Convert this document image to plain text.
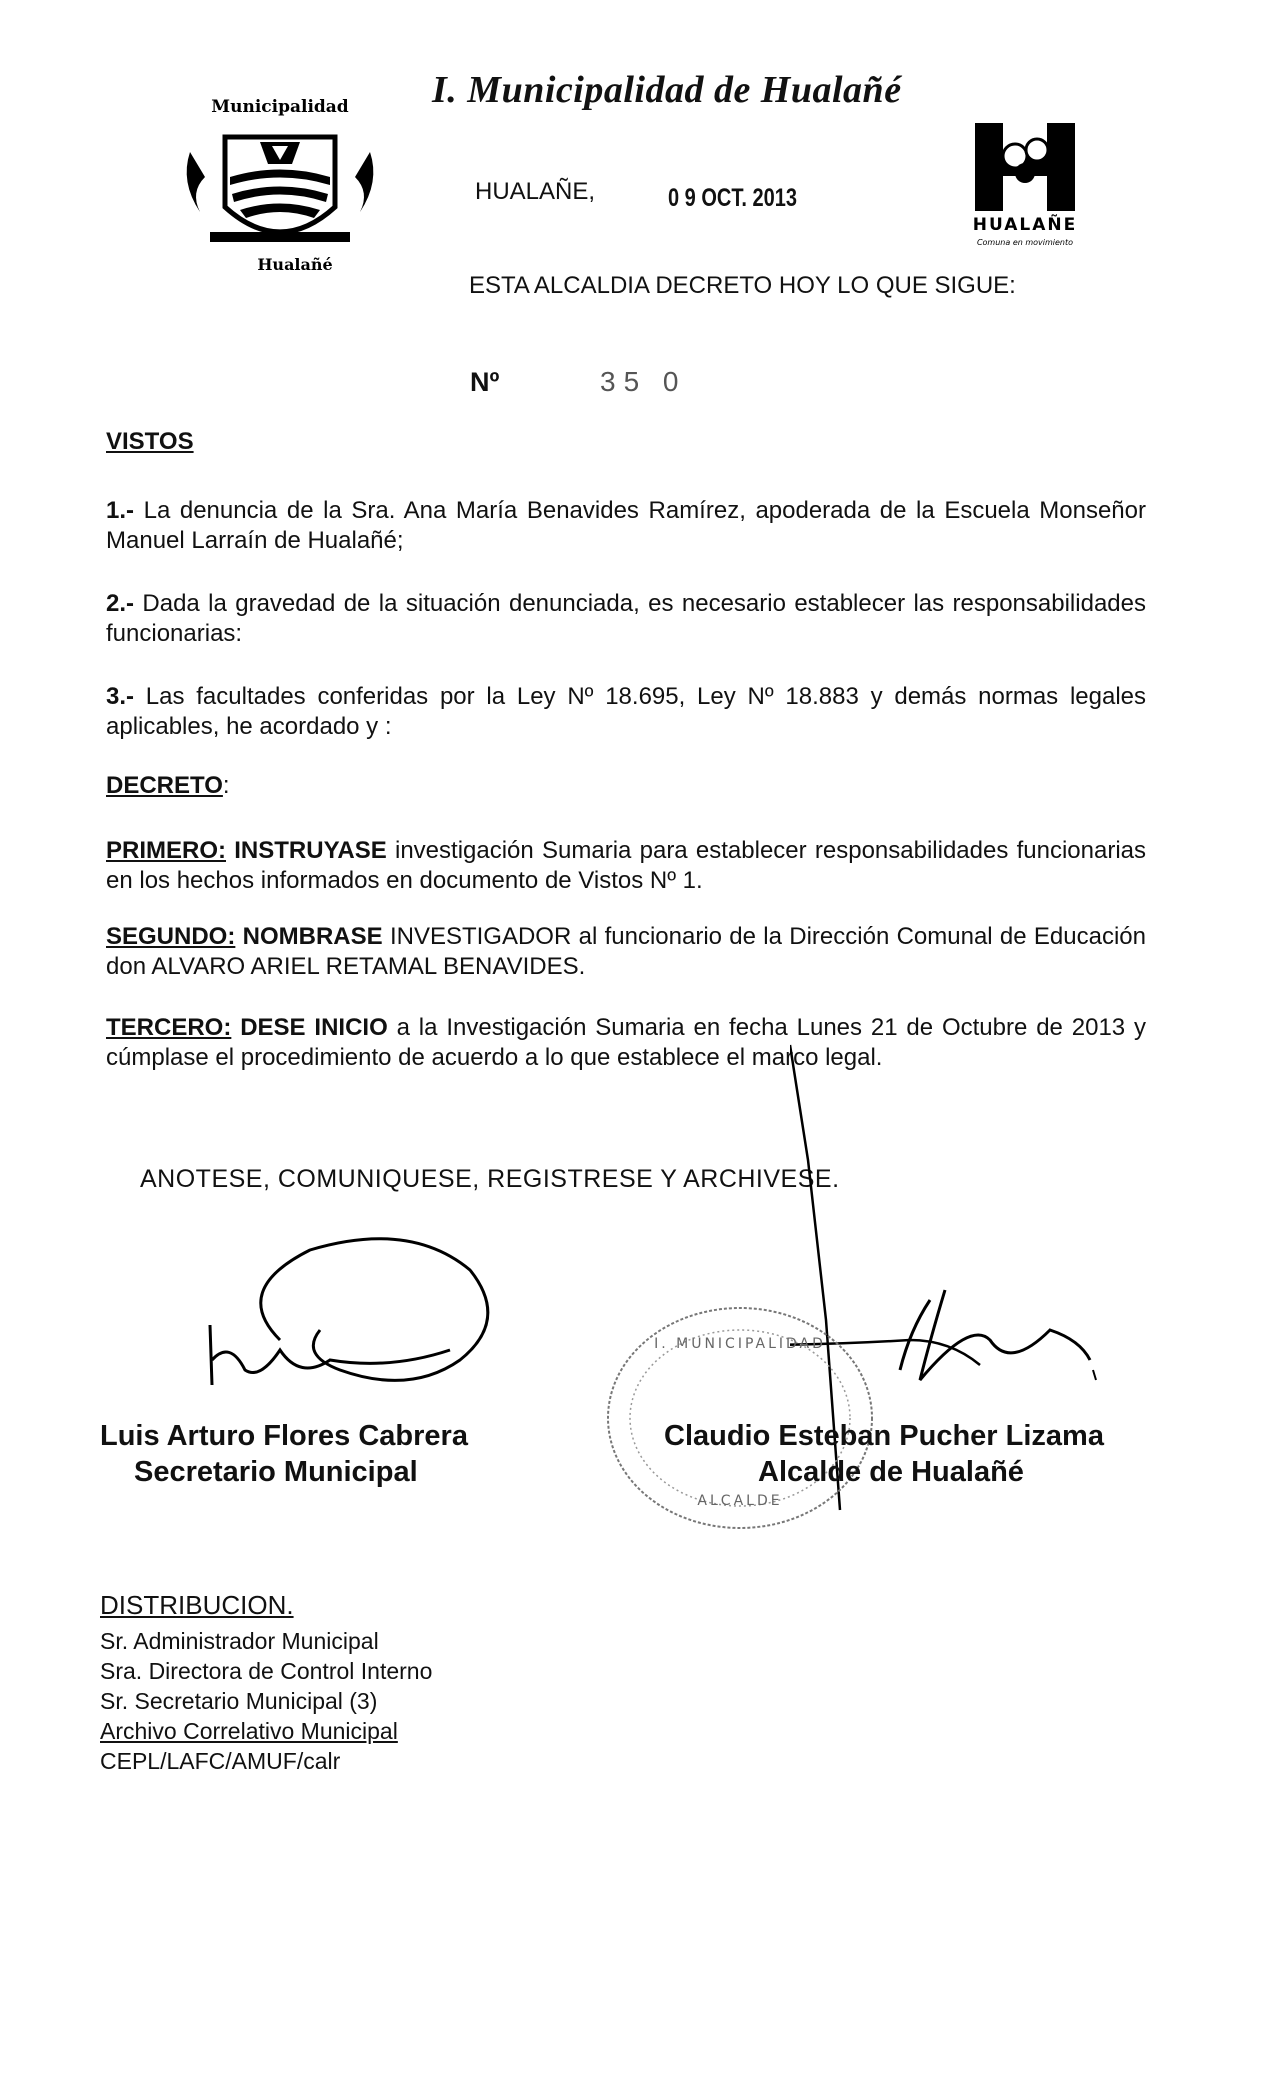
Municipalidad
Hualañé
I. Municipalidad de Hualañé
HUALAÑE
Comuna en movimiento
HUALAÑE,	0 9 OCT. 2013
ESTA ALCALDIA DECRETO HOY LO QUE SIGUE:
Nº	35 0
VISTOS
1.- La denuncia de la Sra. Ana María Benavides Ramírez, apoderada de la Escuela Monseñor Manuel Larraín de Hualañé;
2.- Dada la gravedad de la situación denunciada, es necesario establecer las responsabilidades funcionarias:
3.- Las facultades conferidas por la Ley Nº 18.695, Ley Nº 18.883 y demás normas legales aplicables, he acordado y :
DECRETO:
PRIMERO: INSTRUYASE investigación Sumaria para establecer responsabilidades funcionarias en los hechos informados en documento de Vistos Nº 1.
SEGUNDO: NOMBRASE INVESTIGADOR al funcionario de la Dirección Comunal de Educación don ALVARO ARIEL RETAMAL BENAVIDES.
TERCERO: DESE INICIO a la Investigación Sumaria en fecha Lunes 21 de Octubre de 2013 y cúmplase el procedimiento de acuerdo a lo que establece el marco legal.
ANOTESE, COMUNIQUESE, REGISTRESE Y ARCHIVESE.
I. MUNICIPALIDAD
ALCALDE
Luis Arturo Flores Cabrera
Secretario Municipal
Claudio Esteban Pucher Lizama
Alcalde de Hualañé
DISTRIBUCION.
Sr. Administrador Municipal
Sra. Directora de Control Interno
Sr. Secretario Municipal (3)
Archivo Correlativo Municipal
CEPL/LAFC/AMUF/calr
